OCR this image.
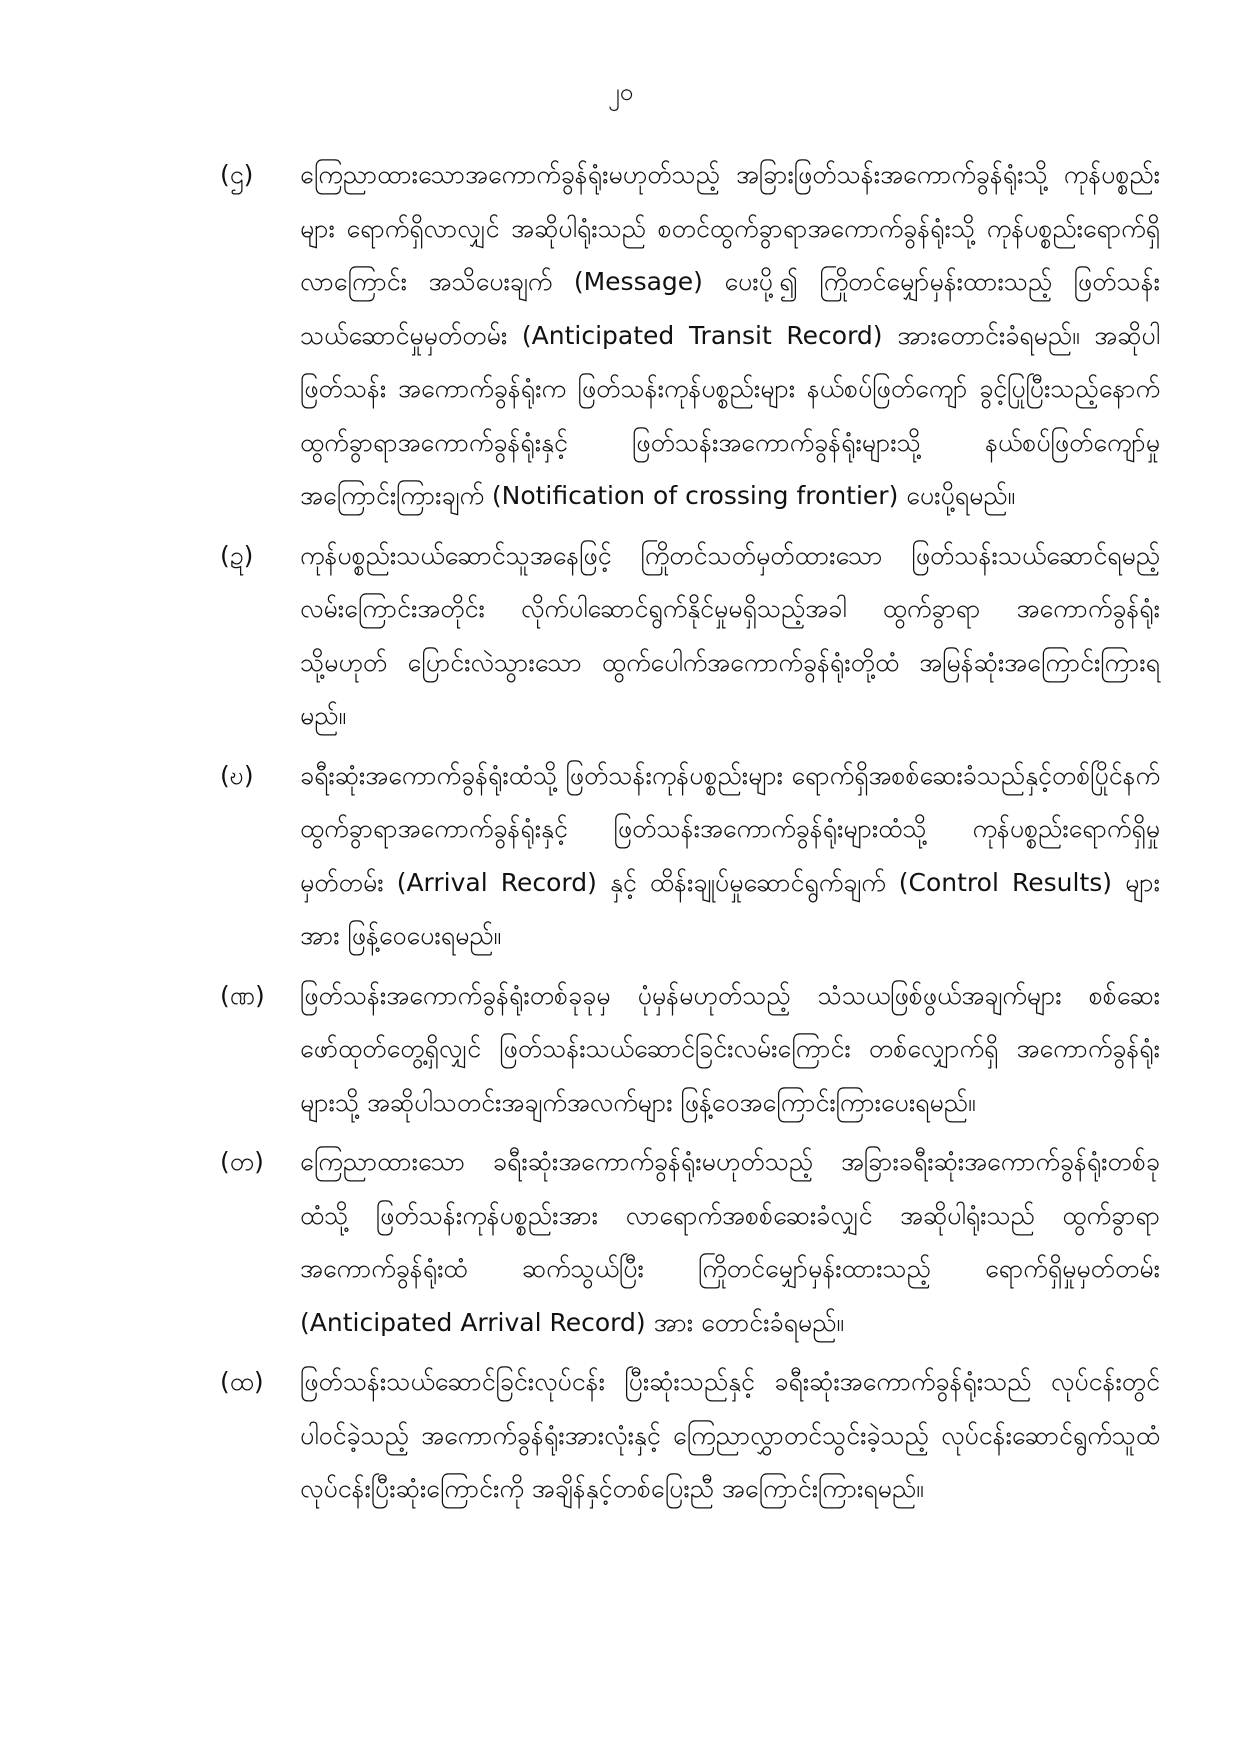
၂၀
(ဌ)	ကြေညာထားသောအကောက်ခွန်ရုံးမဟုတ်သည့် အခြားဖြတ်သန်းအကောက်ခွန်ရုံးသို့ ကုန်ပစ္စည်းများ ရောက်ရှိလာလျှင် အဆိုပါရုံးသည် စတင်ထွက်ခွာရာအကောက်ခွန်ရုံးသို့ ကုန်ပစ္စည်းရောက်ရှိလာကြောင်း အသိပေးချက် (Message) ပေးပို့၍ ကြိုတင်မျှော်မှန်းထားသည့် ဖြတ်သန်းသယ်ဆောင်မှုမှတ်တမ်း (Anticipated Transit Record) အားတောင်းခံရမည်။ အဆိုပါဖြတ်သန်း အကောက်ခွန်ရုံးက ဖြတ်သန်းကုန်ပစ္စည်းများ နယ်စပ်ဖြတ်ကျော် ခွင့်ပြုပြီးသည့်နောက် ထွက်ခွာရာအကောက်ခွန်ရုံးနှင့် ဖြတ်သန်းအကောက်ခွန်ရုံးများသို့ နယ်စပ်ဖြတ်ကျော်မှုအကြောင်းကြားချက် (Notification of crossing frontier) ပေးပို့ရမည်။
(ဍ)	ကုန်ပစ္စည်းသယ်ဆောင်သူအနေဖြင့် ကြိုတင်သတ်မှတ်ထားသော ဖြတ်သန်းသယ်ဆောင်ရမည့် လမ်းကြောင်းအတိုင်း လိုက်ပါဆောင်ရွက်နိုင်မှုမရှိသည့်အခါ ထွက်ခွာရာ အကောက်ခွန်ရုံး သို့မဟုတ် ပြောင်းလဲသွားသော ထွက်ပေါက်အကောက်ခွန်ရုံးတို့ထံ အမြန်ဆုံးအကြောင်းကြားရမည်။
(ဎ)	ခရီးဆုံးအကောက်ခွန်ရုံးထံသို့ ဖြတ်သန်းကုန်ပစ္စည်းများ ရောက်ရှိအစစ်ဆေးခံသည်နှင့်တစ်ပြိုင်နက် ထွက်ခွာရာအကောက်ခွန်ရုံးနှင့် ဖြတ်သန်းအကောက်ခွန်ရုံးများထံသို့ ကုန်ပစ္စည်းရောက်ရှိမှုမှတ်တမ်း (Arrival Record) နှင့် ထိန်းချုပ်မှုဆောင်ရွက်ချက် (Control Results) များအား ဖြန့်ဝေပေးရမည်။
(ဏ)	ဖြတ်သန်းအကောက်ခွန်ရုံးတစ်ခုခုမှ ပုံမှန်မဟုတ်သည့် သံသယဖြစ်ဖွယ်အချက်များ စစ်ဆေးဖော်ထုတ်တွေ့ရှိလျှင် ဖြတ်သန်းသယ်ဆောင်ခြင်းလမ်းကြောင်း တစ်လျှောက်ရှိ အကောက်ခွန်ရုံးများသို့ အဆိုပါသတင်းအချက်အလက်များ ဖြန့်ဝေအကြောင်းကြားပေးရမည်။
(တ)	ကြေညာထားသော ခရီးဆုံးအကောက်ခွန်ရုံးမဟုတ်သည့် အခြားခရီးဆုံးအကောက်ခွန်ရုံးတစ်ခုထံသို့ ဖြတ်သန်းကုန်ပစ္စည်းအား လာရောက်အစစ်ဆေးခံလျှင် အဆိုပါရုံးသည် ထွက်ခွာရာအကောက်ခွန်ရုံးထံ ဆက်သွယ်ပြီး ကြိုတင်မျှော်မှန်းထားသည့် ရောက်ရှိမှုမှတ်တမ်း (Anticipated Arrival Record) အား တောင်းခံရမည်။
(ထ)	ဖြတ်သန်းသယ်ဆောင်ခြင်းလုပ်ငန်း ပြီးဆုံးသည်နှင့် ခရီးဆုံးအကောက်ခွန်ရုံးသည် လုပ်ငန်းတွင်ပါဝင်ခဲ့သည့် အကောက်ခွန်ရုံးအားလုံးနှင့် ကြေညာလွှာတင်သွင်းခဲ့သည့် လုပ်ငန်းဆောင်ရွက်သူထံ လုပ်ငန်းပြီးဆုံးကြောင်းကို အချိန်နှင့်တစ်ပြေးညီ အကြောင်းကြားရမည်။
